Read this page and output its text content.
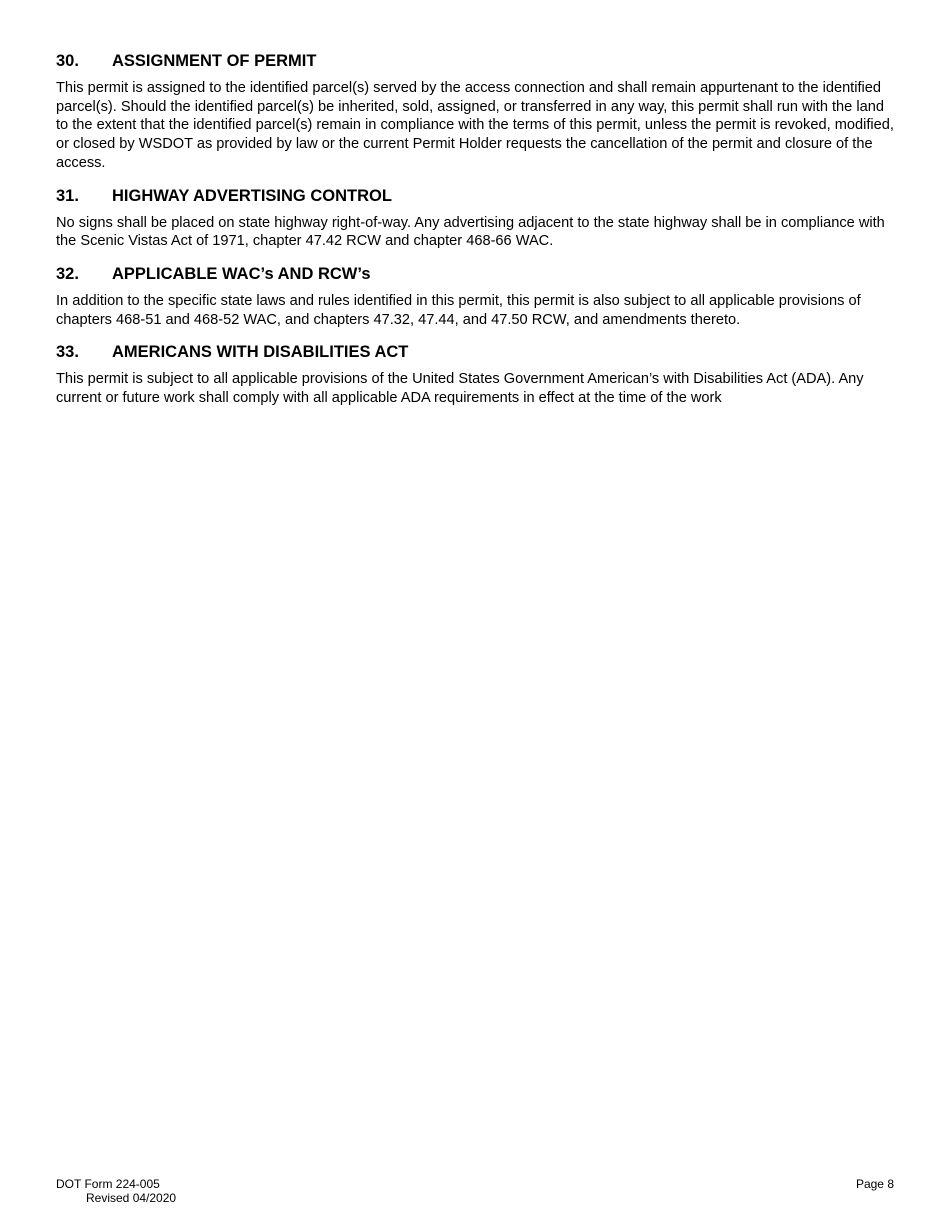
30.	ASSIGNMENT OF PERMIT

This permit is assigned to the identified parcel(s) served by the access connection and shall remain appurtenant to the identified parcel(s). Should the identified parcel(s) be inherited, sold, assigned, or transferred in any way, this permit shall run with the land to the extent that the identified parcel(s) remain in compliance with the terms of this permit, unless the permit is revoked, modified, or closed by WSDOT as provided by law or the current Permit Holder requests the cancellation of the permit and closure of the access.

31.	HIGHWAY ADVERTISING CONTROL

No signs shall be placed on state highway right-of-way. Any advertising adjacent to the state highway shall be in compliance with the Scenic Vistas Act of 1971, chapter 47.42 RCW and chapter 468-66 WAC.

32.	APPLICABLE WAC’s AND RCW’s

In addition to the specific state laws and rules identified in this permit, this permit is also subject to all applicable provisions of chapters 468-51 and 468-52 WAC, and chapters 47.32, 47.44, and 47.50 RCW, and amendments thereto.

33.	AMERICANS WITH DISABILITIES ACT

This permit is subject to all applicable provisions of the United States Government American’s with Disabilities Act (ADA). Any current or future work shall comply with all applicable ADA requirements in effect at the time of the work

DOT Form 224-005
Revised 04/2020
Page 8
